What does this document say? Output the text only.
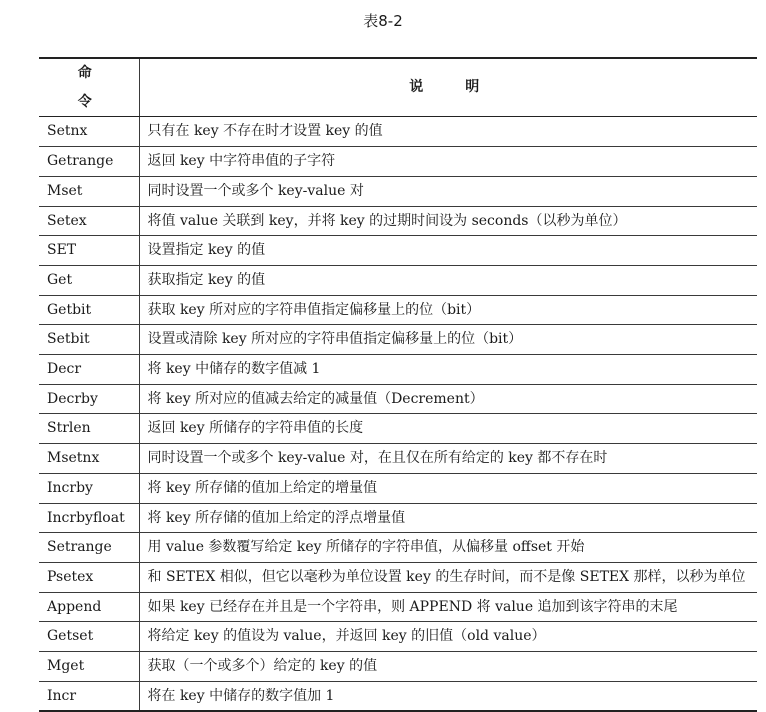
表8-2
命令	说明
Setnx	只有在 key 不存在时才设置 key 的值
Getrange	返回 key 中字符串值的子字符
Mset	同时设置一个或多个 key-value 对
Setex	将值 value 关联到 key，并将 key 的过期时间设为 seconds（以秒为单位）
SET	设置指定 key 的值
Get	获取指定 key 的值
Getbit	获取 key 所对应的字符串值指定偏移量上的位（bit）
Setbit	设置或清除 key 所对应的字符串值指定偏移量上的位（bit）
Decr	将 key 中储存的数字值减 1
Decrby	将 key 所对应的值减去给定的减量值（Decrement）
Strlen	返回 key 所储存的字符串值的长度
Msetnx	同时设置一个或多个 key-value 对，在且仅在所有给定的 key 都不存在时
Incrby	将 key 所存储的值加上给定的增量值
Incrbyfloat	将 key 所存储的值加上给定的浮点增量值
Setrange	用 value 参数覆写给定 key 所储存的字符串值，从偏移量 offset 开始
Psetex	和 SETEX 相似，但它以毫秒为单位设置 key 的生存时间，而不是像 SETEX 那样，以秒为单位
Append	如果 key 已经存在并且是一个字符串，则 APPEND 将 value 追加到该字符串的末尾
Getset	将给定 key 的值设为 value，并返回 key 的旧值（old value）
Mget	获取（一个或多个）给定的 key 的值
Incr	将在 key 中储存的数字值加 1
